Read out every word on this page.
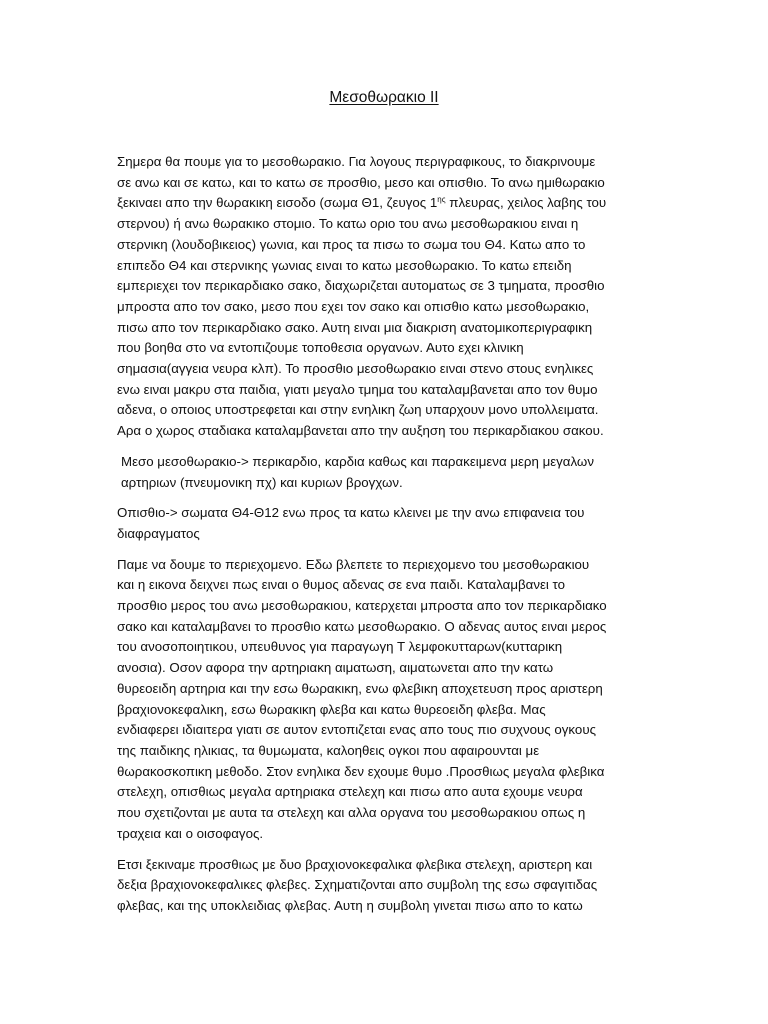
Μεσοθωρακιο ΙΙ

Σημερα θα πουμε για το μεσοθωρακιο. Για λογους περιγραφικους, το διακρινουμε
σε ανω και σε κατω, και το κατω σε προσθιο, μεσο και οπισθιο. Το ανω ημιθωρακιο
ξεκιναει απο την θωρακικη εισοδο (σωμα Θ1, ζευγος $1^{\eta\varsigma}$ πλευρας, χειλος λαβης του
στερνου) ή ανω θωρακικο στομιο. Το κατω οριο του ανω μεσοθωρακιου ειναι η
στερνικη (λουδοβικειος) γωνια, και προς τα πισω το σωμα του Θ4. Κατω απο το
επιπεδο Θ4 και στερνικης γωνιας ειναι το κατω μεσοθωρακιο. Το κατω επειδη
εμπεριεχει τον περικαρδιακο σακο, διαχωριζεται αυτοματως σε 3 τμηματα, προσθιο
μπροστα απο τον σακο, μεσο που εχει τον σακο και οπισθιο κατω μεσοθωρακιο,
πισω απο τον περικαρδιακο σακο. Αυτη ειναι μια διακριση ανατομικοπεριγραφικη
που βοηθα στο να εντοπιζουμε τοποθεσια οργανων. Αυτο εχει κλινικη
σημασια(αγγεια νευρα κλπ). Το προσθιο μεσοθωρακιο ειναι στενο στους ενηλικες
ενω ειναι μακρυ στα παιδια, γιατι μεγαλο τμημα του καταλαμβανεται απο τον θυμο
αδενα, ο οποιος υποστρεφεται και στην ενηλικη ζωη υπαρχουν μονο υπολλειματα.
Αρα ο χωρος σταδιακα καταλαμβανεται απο την αυξηση του περικαρδιακου σακου.

Μεσο μεσοθωρακιο-> περικαρδιο, καρδια καθως και παρακειμενα μερη μεγαλων
αρτηριων (πνευμονικη πχ) και κυριων βρογχων.

Οπισθιο-> σωματα Θ4-Θ12 ενω προς τα κατω κλεινει με την ανω επιφανεια του
διαφραγματος

Παμε να δουμε το περιεχομενο. Εδω βλεπετε το περιεχομενο του μεσοθωρακιου
και η εικονα δειχνει πως ειναι ο θυμος αδενας σε ενα παιδι. Καταλαμβανει το
προσθιο μερος του ανω μεσοθωρακιου, κατερχεται μπροστα απο τον περικαρδιακο
σακο και καταλαμβανει το προσθιο κατω μεσοθωρακιο. Ο αδενας αυτος ειναι μερος
του ανοσοποιητικου, υπευθυνος για παραγωγη Τ λεμφοκυτταρων(κυτταρικη
ανοσια). Οσον αφορα την αρτηριακη αιματωση, αιματωνεται απο την κατω
θυρεοειδη αρτηρια και την εσω θωρακικη, ενω φλεβικη αποχετευση προς αριστερη
βραχιονοκεφαλικη, εσω θωρακικη φλεβα και κατω θυρεοειδη φλεβα. Μας
ενδιαφερει ιδιαιτερα γιατι σε αυτον εντοπιζεται ενας απο τους πιο συχνους ογκους
της παιδικης ηλικιας, τα θυμωματα, καλοηθεις ογκοι που αφαιρουνται με
θωρακοσκοπικη μεθοδο. Στον ενηλικα δεν εχουμε θυμο .Προσθιως μεγαλα φλεβικα
στελεχη, οπισθιως μεγαλα αρτηριακα στελεχη και πισω απο αυτα εχουμε νευρα
που σχετιζονται με αυτα τα στελεχη και αλλα οργανα του μεσοθωρακιου οπως η
τραχεια και ο οισοφαγος.

Ετσι ξεκιναμε προσθιως με δυο βραχιονοκεφαλικα φλεβικα στελεχη, αριστερη και
δεξια βραχιονοκεφαλικες φλεβες. Σχηματιζονται απο συμβολη της εσω σφαγιτιδας
φλεβας, και της υποκλειδιας φλεβας. Αυτη η συμβολη γινεται πισω απο το κατω
